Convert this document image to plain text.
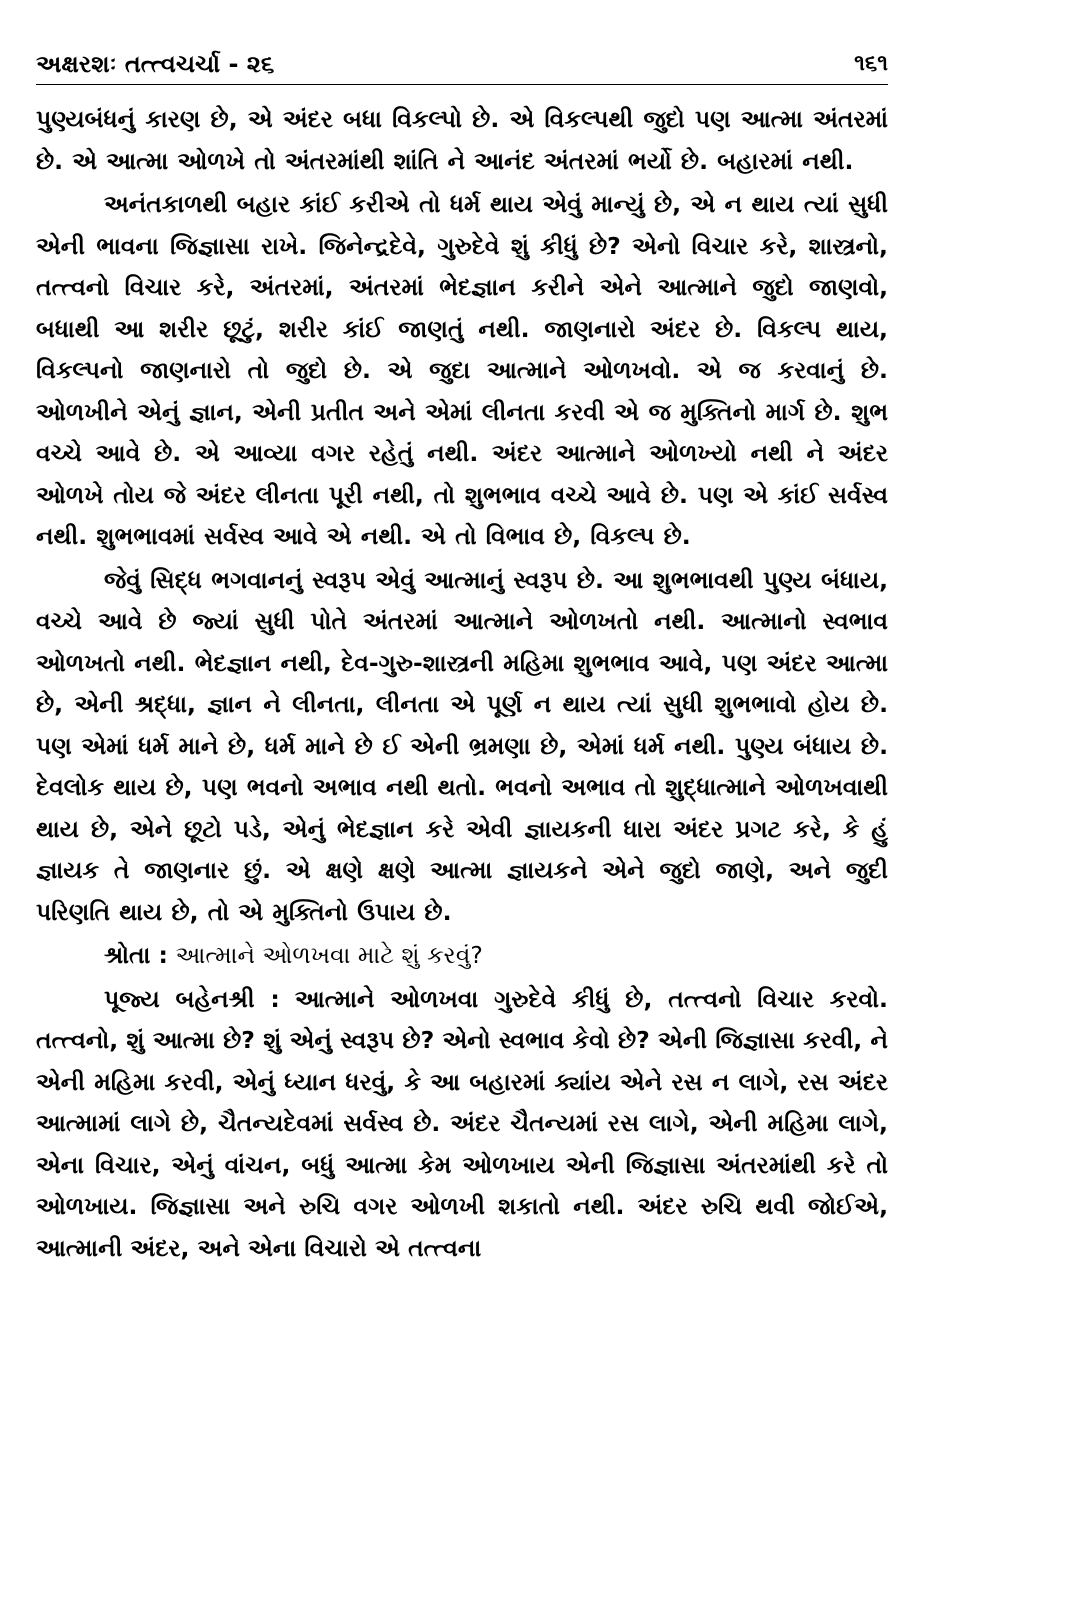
અક્ષરશઃ તત્ત્વચર્ચા - ૨૬	૧૬૧

પુણ્યબંધનું કારણ છે, એ અંદર બધા વિકલ્પો છે. એ વિકલ્પથી જુદો પણ આત્મા અંતરમાં છે. એ આત્મા ઓળખે તો અંતરમાંથી શાંતિ ને આનંદ અંતરમાં ભર્યો છે. બહારમાં નથી.

અનંતકાળથી બહાર કાંઈ કરીએ તો ધર્મ થાય એવું માન્યું છે, એ ન થાય ત્યાં સુધી એની ભાવના જિજ્ઞાસા રાખે. જિનેન્દ્રદેવે, ગુરુદેવે શું કીધું છે? એનો વિચાર કરે, શાસ્ત્રનો, તત્ત્વનો વિચાર કરે, અંતરમાં, અંતરમાં ભેદજ્ઞાન કરીને એને આત્માને જુદો જાણવો, બધાથી આ શરીર છૂટું, શરીર કાંઈ જાણતું નથી. જાણનારો અંદર છે. વિકલ્પ થાય, વિકલ્પનો જાણનારો તો જુદો છે. એ જુદા આત્માને ઓળખવો. એ જ કરવાનું છે. ઓળખીને એનું જ્ઞાન, એની પ્રતીત અને એમાં લીનતા કરવી એ જ મુક્તિનો માર્ગ છે. શુભ વચ્ચે આવે છે. એ આવ્યા વગર રહેતું નથી. અંદર આત્માને ઓળખ્યો નથી ને અંદર ઓળખે તોય જે અંદર લીનતા પૂરી નથી, તો શુભભાવ વચ્ચે આવે છે. પણ એ કાંઈ સર્વસ્વ નથી. શુભભાવમાં સર્વસ્વ આવે એ નથી. એ તો વિભાવ છે, વિકલ્પ છે.

જેવું સિદ્ધ ભગવાનનું સ્વરૂપ એવું આત્માનું સ્વરૂપ છે. આ શુભભાવથી પુણ્ય બંધાય, વચ્ચે આવે છે જ્યાં સુધી પોતે અંતરમાં આત્માને ઓળખતો નથી. આત્માનો સ્વભાવ ઓળખતો નથી. ભેદજ્ઞાન નથી, દેવ-ગુરુ-શાસ્ત્રની મહિમા શુભભાવ આવે, પણ અંદર આત્મા છે, એની શ્રદ્ધા, જ્ઞાન ને લીનતા, લીનતા એ પૂર્ણ ન થાય ત્યાં સુધી શુભભાવો હોય છે. પણ એમાં ધર્મ માને છે, ધર્મ માને છે ઈ એની ભ્રમણા છે, એમાં ધર્મ નથી. પુણ્ય બંધાય છે. દેવલોક થાય છે, પણ ભવનો અભાવ નથી થતો. ભવનો અભાવ તો શુદ્ધાત્માને ઓળખવાથી થાય છે, એને છૂટો પડે, એનું ભેદજ્ઞાન કરે એવી જ્ઞાયકની ધારા અંદર પ્રગટ કરે, કે હું જ્ઞાયક તે જાણનાર છું. એ ક્ષણે ક્ષણે આત્મા જ્ઞાયકને એને જુદો જાણે, અને જુદી પરિણતિ થાય છે, તો એ મુક્તિનો ઉપાય છે.

શ્રોતા : આત્માને ઓળખવા માટે શું કરવું?

પૂજ્ય બહેનશ્રી : આત્માને ઓળખવા ગુરુદેવે કીધું છે, તત્ત્વનો વિચાર કરવો. તત્ત્વનો, શું આત્મા છે? શું એનું સ્વરૂપ છે? એનો સ્વભાવ કેવો છે? એની જિજ્ઞાસા કરવી, ને એની મહિમા કરવી, એનું ધ્યાન ધરવું, કે આ બહારમાં ક્યાંય એને રસ ન લાગે, રસ અંદર આત્મામાં લાગે છે, ચૈતન્યદેવમાં સર્વસ્વ છે. અંદર ચૈતન્યમાં રસ લાગે, એની મહિમા લાગે, એના વિચાર, એનું વાંચન, બધું આત્મા કેમ ઓળખાય એની જિજ્ઞાસા અંતરમાંથી કરે તો ઓળખાય. જિજ્ઞાસા અને રુચિ વગર ઓળખી શકાતો નથી. અંદર રુચિ થવી જોઈએ, આત્માની અંદર, અને એના વિચારો એ તત્ત્વના
